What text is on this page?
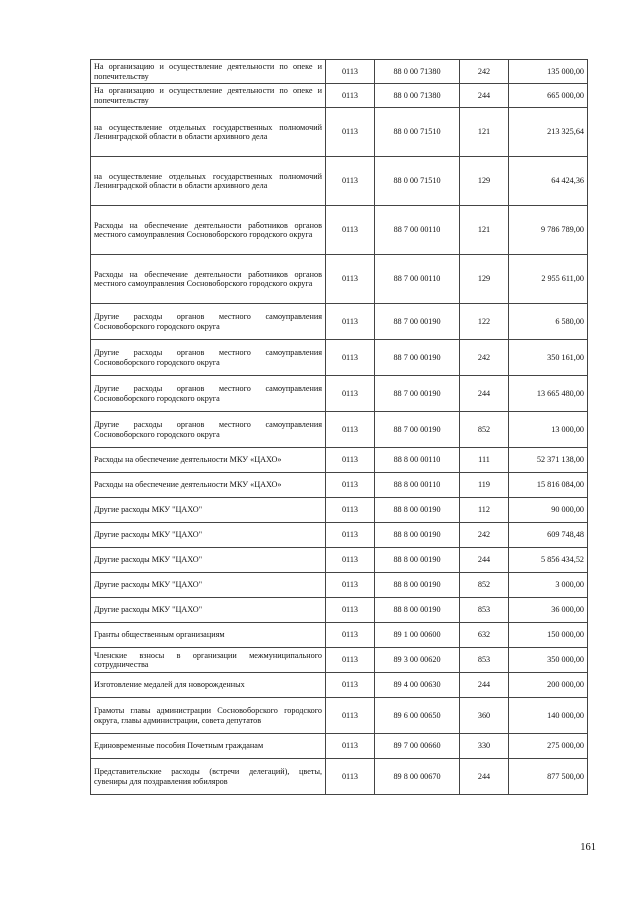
На организацию и осуществление деятельности по опеке и попечительству	0113	88 0 00 71380	242	135 000,00
На организацию и осуществление деятельности по опеке и попечительству	0113	88 0 00 71380	244	665 000,00
на осуществление отдельных государственных полномочий Ленинградской области в области архивного дела	0113	88 0 00 71510	121	213 325,64
на осуществление отдельных государственных полномочий Ленинградской области в области архивного дела	0113	88 0 00 71510	129	64 424,36
Расходы на обеспечение деятельности работников органов местного самоуправления Сосновоборского городского округа	0113	88 7 00 00110	121	9 786 789,00
Расходы на обеспечение деятельности работников органов местного самоуправления Сосновоборского городского округа	0113	88 7 00 00110	129	2 955 611,00
Другие расходы органов местного самоуправления Сосновоборского городского округа	0113	88 7 00 00190	122	6 580,00
Другие расходы органов местного самоуправления Сосновоборского городского округа	0113	88 7 00 00190	242	350 161,00
Другие расходы органов местного самоуправления Сосновоборского городского округа	0113	88 7 00 00190	244	13 665 480,00
Другие расходы органов местного самоуправления Сосновоборского городского округа	0113	88 7 00 00190	852	13 000,00
Расходы на обеспечение деятельности МКУ «ЦАХО»	0113	88 8 00 00110	111	52 371 138,00
Расходы на обеспечение деятельности МКУ «ЦАХО»	0113	88 8 00 00110	119	15 816 084,00
Другие расходы МКУ "ЦАХО"	0113	88 8 00 00190	112	90 000,00
Другие расходы МКУ "ЦАХО"	0113	88 8 00 00190	242	609 748,48
Другие расходы МКУ "ЦАХО"	0113	88 8 00 00190	244	5 856 434,52
Другие расходы МКУ "ЦАХО"	0113	88 8 00 00190	852	3 000,00
Другие расходы МКУ "ЦАХО"	0113	88 8 00 00190	853	36 000,00
Гранты общественным организациям	0113	89 1 00 00600	632	150 000,00
Членские взносы в организации межмуниципального сотрудничества	0113	89 3 00 00620	853	350 000,00
Изготовление медалей для новорожденных	0113	89 4 00 00630	244	200 000,00
Грамоты главы администрации Сосновоборского городского округа, главы администрации, совета депутатов	0113	89 6 00 00650	360	140 000,00
Единовременные пособия Почетным гражданам	0113	89 7 00 00660	330	275 000,00
Представительские расходы (встречи делегаций), цветы, сувениры для поздравления юбиляров	0113	89 8 00 00670	244	877 500,00
161
